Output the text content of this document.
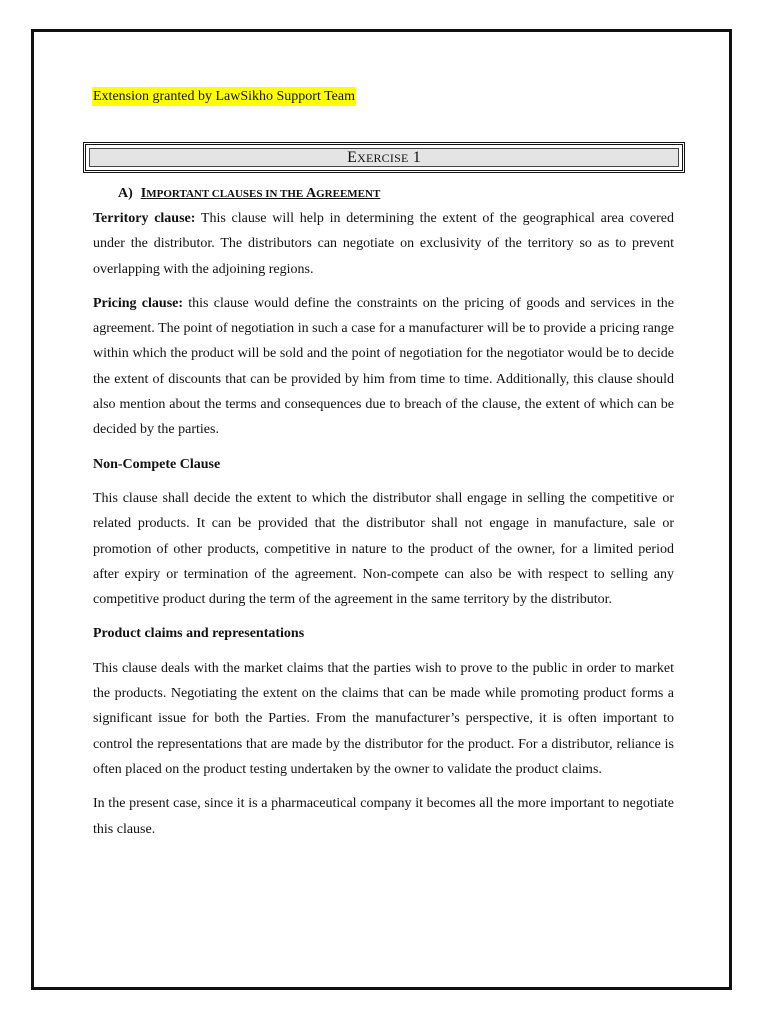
Extension granted by LawSikho Support Team
EXERCISE 1
A) IMPORTANT CLAUSES IN THE AGREEMENT

Territory clause: This clause will help in determining the extent of the geographical area covered under the distributor. The distributors can negotiate on exclusivity of the territory so as to prevent overlapping with the adjoining regions.

Pricing clause: this clause would define the constraints on the pricing of goods and services in the agreement. The point of negotiation in such a case for a manufacturer will be to provide a pricing range within which the product will be sold and the point of negotiation for the negotiator would be to decide the extent of discounts that can be provided by him from time to time. Additionally, this clause should also mention about the terms and consequences due to breach of the clause, the extent of which can be decided by the parties.

Non-Compete Clause

This clause shall decide the extent to which the distributor shall engage in selling the competitive or related products. It can be provided that the distributor shall not engage in manufacture, sale or promotion of other products, competitive in nature to the product of the owner, for a limited period after expiry or termination of the agreement. Non-compete can also be with respect to selling any competitive product during the term of the agreement in the same territory by the distributor.

Product claims and representations

This clause deals with the market claims that the parties wish to prove to the public in order to market the products. Negotiating the extent on the claims that can be made while promoting product forms a significant issue for both the Parties. From the manufacturer’s perspective, it is often important to control the representations that are made by the distributor for the product. For a distributor, reliance is often placed on the product testing undertaken by the owner to validate the product claims.

In the present case, since it is a pharmaceutical company it becomes all the more important to negotiate this clause.
